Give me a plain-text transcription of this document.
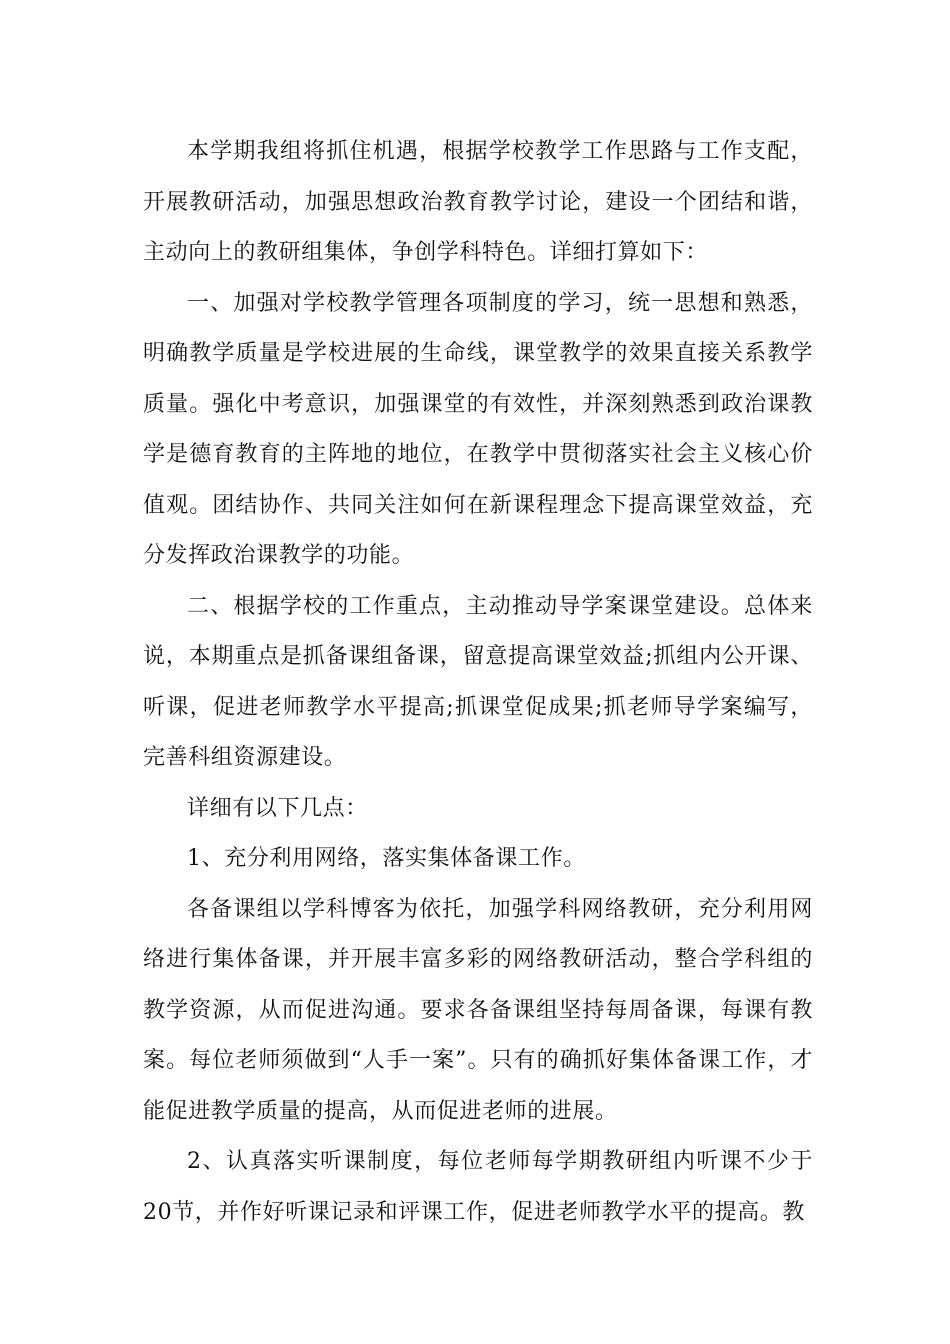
本学期我组将抓住机遇，根据学校教学工作思路与工作支配，开展教研活动，加强思想政治教育教学讨论，建设一个团结和谐，主动向上的教研组集体，争创学科特色。详细打算如下：

一、加强对学校教学管理各项制度的学习，统一思想和熟悉，明确教学质量是学校进展的生命线，课堂教学的效果直接关系教学质量。强化中考意识，加强课堂的有效性，并深刻熟悉到政治课教学是德育教育的主阵地的地位，在教学中贯彻落实社会主义核心价值观。团结协作、共同关注如何在新课程理念下提高课堂效益，充分发挥政治课教学的功能。

二、根据学校的工作重点，主动推动导学案课堂建设。总体来说，本期重点是抓备课组备课，留意提高课堂效益;抓组内公开课、听课，促进老师教学水平提高;抓课堂促成果;抓老师导学案编写，完善科组资源建设。

详细有以下几点：

1、充分利用网络，落实集体备课工作。

各备课组以学科博客为依托，加强学科网络教研，充分利用网络进行集体备课，并开展丰富多彩的网络教研活动，整合学科组的教学资源，从而促进沟通。要求各备课组坚持每周备课，每课有教案。每位老师须做到“人手一案”。只有的确抓好集体备课工作，才能促进教学质量的提高，从而促进老师的进展。

2、认真落实听课制度，每位老师每学期教研组内听课不少于20节，并作好听课记录和评课工作，促进老师教学水平的提高。教
